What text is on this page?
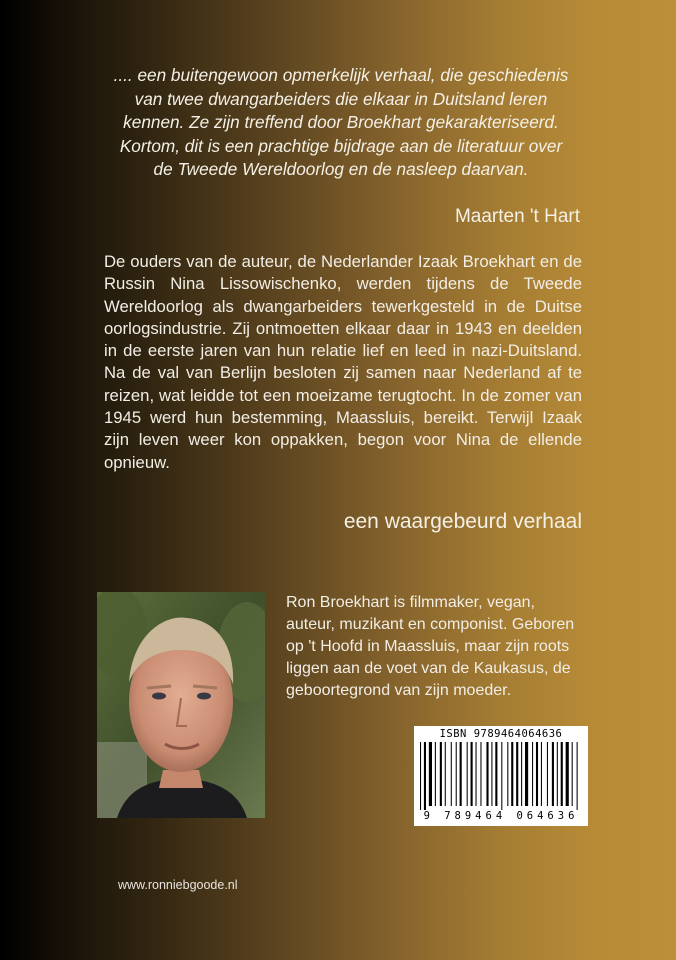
.... een buitengewoon opmerkelijk verhaal, die geschiedenis
van twee dwangarbeiders die elkaar in Duitsland leren
kennen. Ze zijn treffend door Broekhart gekarakteriseerd.
Kortom, dit is een prachtige bijdrage aan de literatuur over
de Tweede Wereldoorlog en de nasleep daarvan.
Maarten 't Hart

De ouders van de auteur, de Nederlander Izaak Broekhart en de Russin Nina Lissowischenko, werden tijdens de Tweede Wereldoorlog als dwangarbeiders tewerkgesteld in de Duitse oorlogsindustrie. Zij ontmoetten elkaar daar in 1943 en deelden in de eerste jaren van hun relatie lief en leed in nazi-Duitsland. Na de val van Berlijn besloten zij samen naar Nederland af te reizen, wat leidde tot een moeizame terugtocht. In de zomer van 1945 werd hun bestemming, Maassluis, bereikt. Terwijl Izaak zijn leven weer kon oppakken, begon voor Nina de ellende opnieuw.

een waargebeurd verhaal

Ron Broekhart is filmmaker, vegan, auteur, muzikant en componist. Geboren op 't Hoofd in Maassluis, maar zijn roots liggen aan de voet van de Kaukasus, de geboortegrond van zijn moeder.

ISBN 9789464064636
9 789464 064636
www.ronniebgoode.nl
